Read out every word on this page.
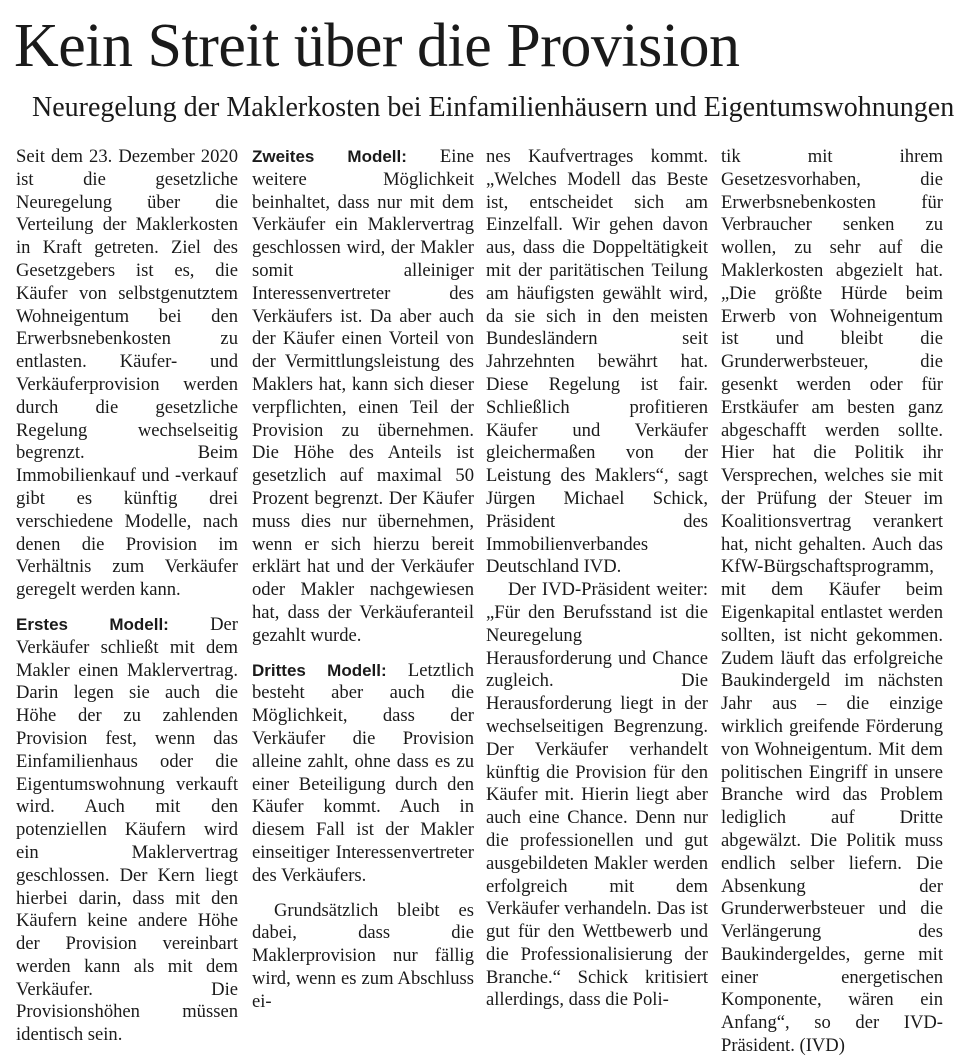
Kein Streit über die Provision
Neuregelung der Maklerkosten bei Einfamilienhäusern und Eigentumswohnungen

Seit dem 23. Dezember 2020 ist die gesetzliche Neuregelung über die Verteilung der Maklerkosten in Kraft getreten. Ziel des Gesetzgebers ist es, die Käufer von selbstgenutztem Wohneigentum bei den Erwerbsnebenkosten zu entlasten. Käufer- und Verkäuferprovision werden durch die gesetzliche Regelung wechselseitig begrenzt. Beim Immobilienkauf und -verkauf gibt es künftig drei verschiedene Modelle, nach denen die Provision im Verhältnis zum Verkäufer geregelt werden kann.

Erstes Modell: Der Verkäufer schließt mit dem Makler einen Maklervertrag. Darin legen sie auch die Höhe der zu zahlenden Provision fest, wenn das Einfamilienhaus oder die Eigentumswohnung verkauft wird. Auch mit den potenziellen Käufern wird ein Maklervertrag geschlossen. Der Kern liegt hierbei darin, dass mit den Käufern keine andere Höhe der Provision vereinbart werden kann als mit dem Verkäufer. Die Provisionshöhen müssen identisch sein.

Zweites Modell: Eine weitere Möglichkeit beinhaltet, dass nur mit dem Verkäufer ein Maklervertrag geschlossen wird, der Makler somit alleiniger Interessenvertreter des Verkäufers ist. Da aber auch der Käufer einen Vorteil von der Vermittlungsleistung des Maklers hat, kann sich dieser verpflichten, einen Teil der Provision zu übernehmen. Die Höhe des Anteils ist gesetzlich auf maximal 50 Prozent begrenzt. Der Käufer muss dies nur übernehmen, wenn er sich hierzu bereit erklärt hat und der Verkäufer oder Makler nachgewiesen hat, dass der Verkäuferanteil gezahlt wurde.

Drittes Modell: Letztlich besteht aber auch die Möglichkeit, dass der Verkäufer die Provision alleine zahlt, ohne dass es zu einer Beteiligung durch den Käufer kommt. Auch in diesem Fall ist der Makler einseitiger Interessenvertreter des Verkäufers.

Grundsätzlich bleibt es dabei, dass die Maklerprovision nur fällig wird, wenn es zum Abschluss ei-

nes Kaufvertrages kommt. „Welches Modell das Beste ist, entscheidet sich am Einzelfall. Wir gehen davon aus, dass die Doppeltätigkeit mit der paritätischen Teilung am häufigsten gewählt wird, da sie sich in den meisten Bundesländern seit Jahrzehnten bewährt hat. Diese Regelung ist fair. Schließlich profitieren Käufer und Verkäufer gleichermaßen von der Leistung des Maklers“, sagt Jürgen Michael Schick, Präsident des Immobilienverbandes Deutschland IVD.

Der IVD-Präsident weiter: „Für den Berufsstand ist die Neuregelung Herausforderung und Chance zugleich. Die Herausforderung liegt in der wechselseitigen Begrenzung. Der Verkäufer verhandelt künftig die Provision für den Käufer mit. Hierin liegt aber auch eine Chance. Denn nur die professionellen und gut ausgebildeten Makler werden erfolgreich mit dem Verkäufer verhandeln. Das ist gut für den Wettbewerb und die Professionalisierung der Branche.“ Schick kritisiert allerdings, dass die Poli-

tik mit ihrem Gesetzesvorhaben, die Erwerbsnebenkosten für Verbraucher senken zu wollen, zu sehr auf die Maklerkosten abgezielt hat. „Die größte Hürde beim Erwerb von Wohneigentum ist und bleibt die Grunderwerbsteuer, die gesenkt werden oder für Erstkäufer am besten ganz abgeschafft werden sollte. Hier hat die Politik ihr Versprechen, welches sie mit der Prüfung der Steuer im Koalitionsvertrag verankert hat, nicht gehalten. Auch das KfW-Bürgschaftsprogramm, mit dem Käufer beim Eigenkapital entlastet werden sollten, ist nicht gekommen. Zudem läuft das erfolgreiche Baukindergeld im nächsten Jahr aus – die einzige wirklich greifende Förderung von Wohneigentum. Mit dem politischen Eingriff in unsere Branche wird das Problem lediglich auf Dritte abgewälzt. Die Politik muss endlich selber liefern. Die Absenkung der Grunderwerbsteuer und die Verlängerung des Baukindergeldes, gerne mit einer energetischen Komponente, wären ein Anfang“, so der IVD-Präsident. (IVD)
